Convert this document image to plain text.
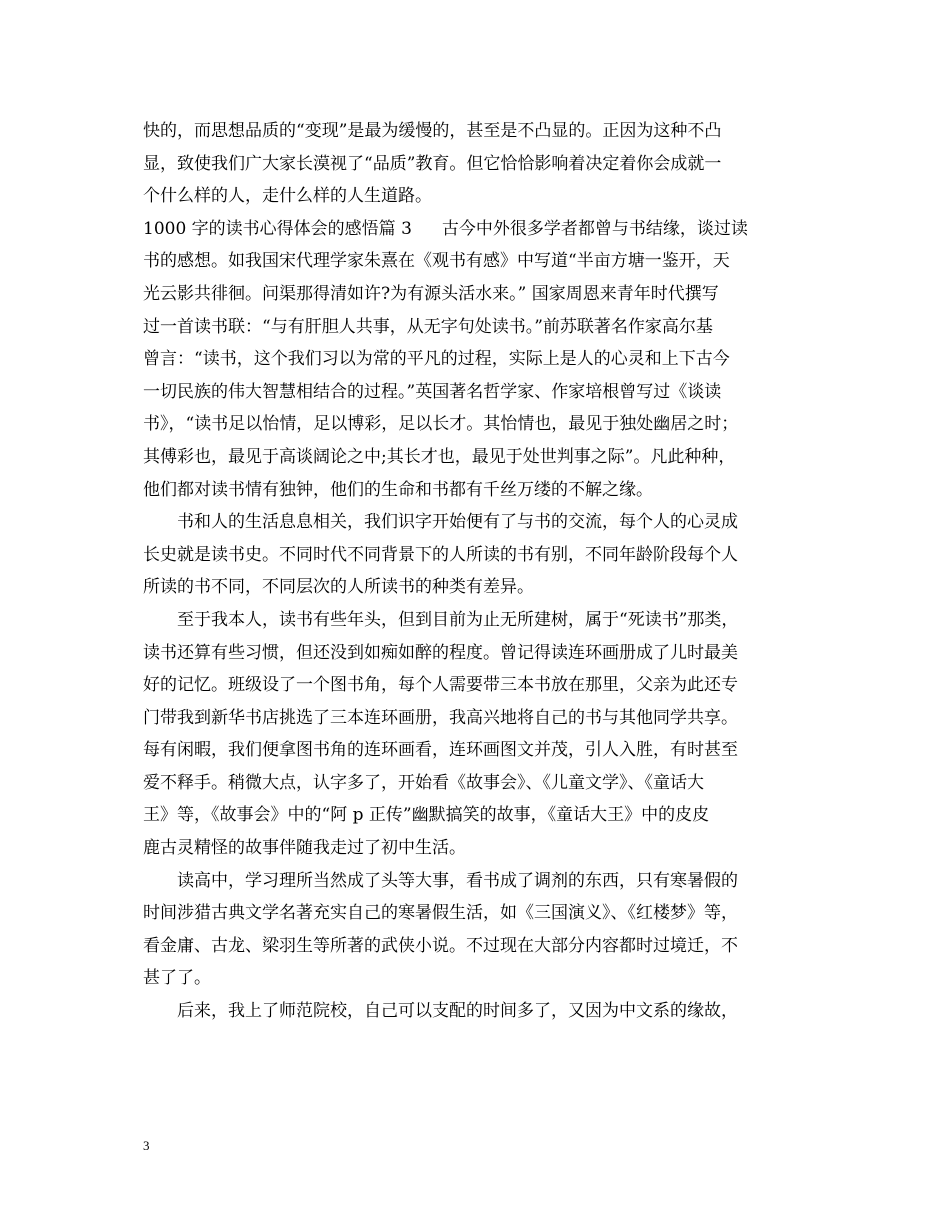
快的，而思想品质的“变现”是最为缓慢的，甚至是不凸显的。正因为这种不凸
显，致使我们广大家长漠视了“品质”教育。但它恰恰影响着决定着你会成就一
个什么样的人，走什么样的人生道路。
1000 字的读书心得体会的感悟篇 3 古今中外很多学者都曾与书结缘，谈过读
书的感想。如我国宋代理学家朱熹在《观书有感》中写道“半亩方塘一鉴开，天
光云影共徘徊。问渠那得清如许?为有源头活水来。” 国家周恩来青年时代撰写
过一首读书联：“与有肝胆人共事，从无字句处读书。”前苏联著名作家高尔基
曾言：“读书，这个我们习以为常的平凡的过程，实际上是人的心灵和上下古今
一切民族的伟大智慧相结合的过程。”英国著名哲学家、作家培根曾写过《谈读
书》，“读书足以怡情，足以博彩，足以长才。其怡情也，最见于独处幽居之时；
其傅彩也，最见于高谈阔论之中;其长才也，最见于处世判事之际”。凡此种种，
他们都对读书情有独钟，他们的生命和书都有千丝万缕的不解之缘。
书和人的生活息息相关，我们识字开始便有了与书的交流，每个人的心灵成
长史就是读书史。不同时代不同背景下的人所读的书有别，不同年龄阶段每个人
所读的书不同，不同层次的人所读书的种类有差异。
至于我本人，读书有些年头，但到目前为止无所建树，属于“死读书”那类，
读书还算有些习惯，但还没到如痴如醉的程度。曾记得读连环画册成了儿时最美
好的记忆。班级设了一个图书角，每个人需要带三本书放在那里，父亲为此还专
门带我到新华书店挑选了三本连环画册，我高兴地将自己的书与其他同学共享。
每有闲暇，我们便拿图书角的连环画看，连环画图文并茂，引人入胜，有时甚至
爱不释手。稍微大点，认字多了，开始看《故事会》、《儿童文学》、《童话大
王》等，《故事会》中的“阿 p 正传”幽默搞笑的故事，《童话大王》中的皮皮
鹿古灵精怪的故事伴随我走过了初中生活。
读高中，学习理所当然成了头等大事，看书成了调剂的东西，只有寒暑假的
时间涉猎古典文学名著充实自己的寒暑假生活，如《三国演义》、《红楼梦》等，
看金庸、古龙、梁羽生等所著的武侠小说。不过现在大部分内容都时过境迁，不
甚了了。
后来，我上了师范院校，自己可以支配的时间多了，又因为中文系的缘故，
3
